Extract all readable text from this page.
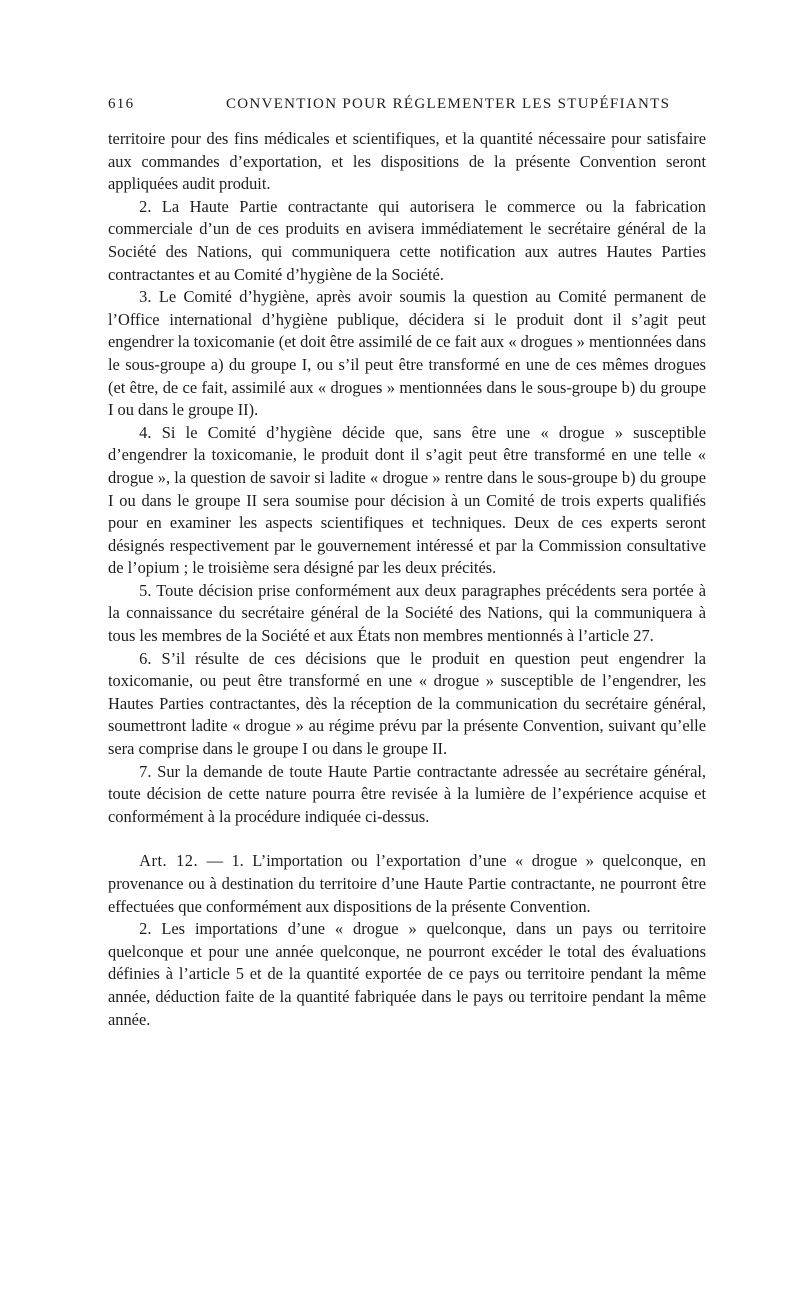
616	CONVENTION POUR RÉGLEMENTER LES STUPÉFIANTS

territoire pour des fins médicales et scientifiques, et la quantité nécessaire pour satisfaire aux commandes d’exportation, et les dispositions de la présente Convention seront appliquées audit produit.

2. La Haute Partie contractante qui autorisera le commerce ou la fabrication commerciale d’un de ces produits en avisera immédiatement le secrétaire général de la Société des Nations, qui communiquera cette notification aux autres Hautes Parties contractantes et au Comité d’hygiène de la Société.

3. Le Comité d’hygiène, après avoir soumis la question au Comité permanent de l’Office international d’hygiène publique, décidera si le produit dont il s’agit peut engendrer la toxicomanie (et doit être assimilé de ce fait aux « drogues » mentionnées dans le sous-groupe a) du groupe I, ou s’il peut être transformé en une de ces mêmes drogues (et être, de ce fait, assimilé aux « drogues » mentionnées dans le sous-groupe b) du groupe I ou dans le groupe II).

4. Si le Comité d’hygiène décide que, sans être une « drogue » susceptible d’engendrer la toxicomanie, le produit dont il s’agit peut être transformé en une telle « drogue », la question de savoir si ladite « drogue » rentre dans le sous-groupe b) du groupe I ou dans le groupe II sera soumise pour décision à un Comité de trois experts qualifiés pour en examiner les aspects scientifiques et techniques. Deux de ces experts seront désignés respectivement par le gouvernement intéressé et par la Commission consultative de l’opium ; le troisième sera désigné par les deux précités.

5. Toute décision prise conformément aux deux paragraphes précédents sera portée à la connaissance du secrétaire général de la Société des Nations, qui la communiquera à tous les membres de la Société et aux États non membres mentionnés à l’article 27.

6. S’il résulte de ces décisions que le produit en question peut engendrer la toxicomanie, ou peut être transformé en une « drogue » susceptible de l’engendrer, les Hautes Parties contractantes, dès la réception de la communication du secrétaire général, soumettront ladite « drogue » au régime prévu par la présente Convention, suivant qu’elle sera comprise dans le groupe I ou dans le groupe II.

7. Sur la demande de toute Haute Partie contractante adressée au secrétaire général, toute décision de cette nature pourra être revisée à la lumière de l’expérience acquise et conformément à la procédure indiquée ci-dessus.

Art. 12. — 1. L’importation ou l’exportation d’une « drogue » quelconque, en provenance ou à destination du territoire d’une Haute Partie contractante, ne pourront être effectuées que conformément aux dispositions de la présente Convention.

2. Les importations d’une « drogue » quelconque, dans un pays ou territoire quelconque et pour une année quelconque, ne pourront excéder le total des évaluations définies à l’article 5 et de la quantité exportée de ce pays ou territoire pendant la même année, déduction faite de la quantité fabriquée dans le pays ou territoire pendant la même année.
